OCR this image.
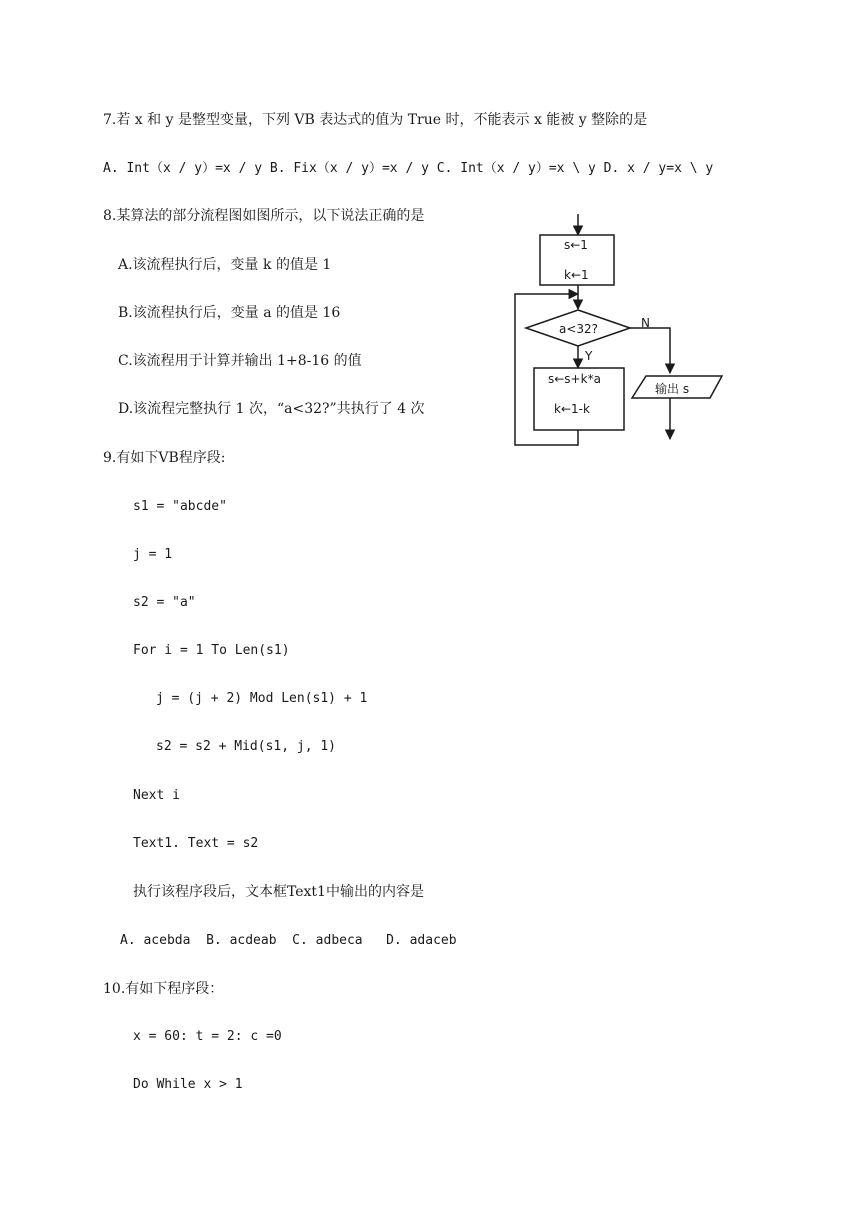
7.若 x 和 y 是整型变量，下列 VB 表达式的值为 True 时，不能表示 x 能被 y 整除的是
A. Int（x / y）=x / y B. Fix（x / y）=x / y C. Int（x / y）=x \ y D. x / y=x \ y
8.某算法的部分流程图如图所示，以下说法正确的是
A.该流程执行后，变量 k 的值是 1
B.该流程执行后，变量 a 的值是 16
C.该流程用于计算并输出 1+8-16 的值
D.该流程完整执行 1 次，“a<32?”共执行了 4 次
s←1
k←1
a<32?
Y
s←s+k*a
k←1-k
N
输出 s
9.有如下VB程序段:
s1 = "abcde"
j = 1
s2 = "a"
For i = 1 To Len(s1)
j = (j + 2) Mod Len(s1) + 1
s2 = s2 + Mid(s1, j, 1)
Next i
Text1. Text = s2
执行该程序段后，文本框Text1中输出的内容是
A. acebda  B. acdeab  C. adbeca   D. adaceb
10.有如下程序段：
x = 60: t = 2: c =0
Do While x > 1
